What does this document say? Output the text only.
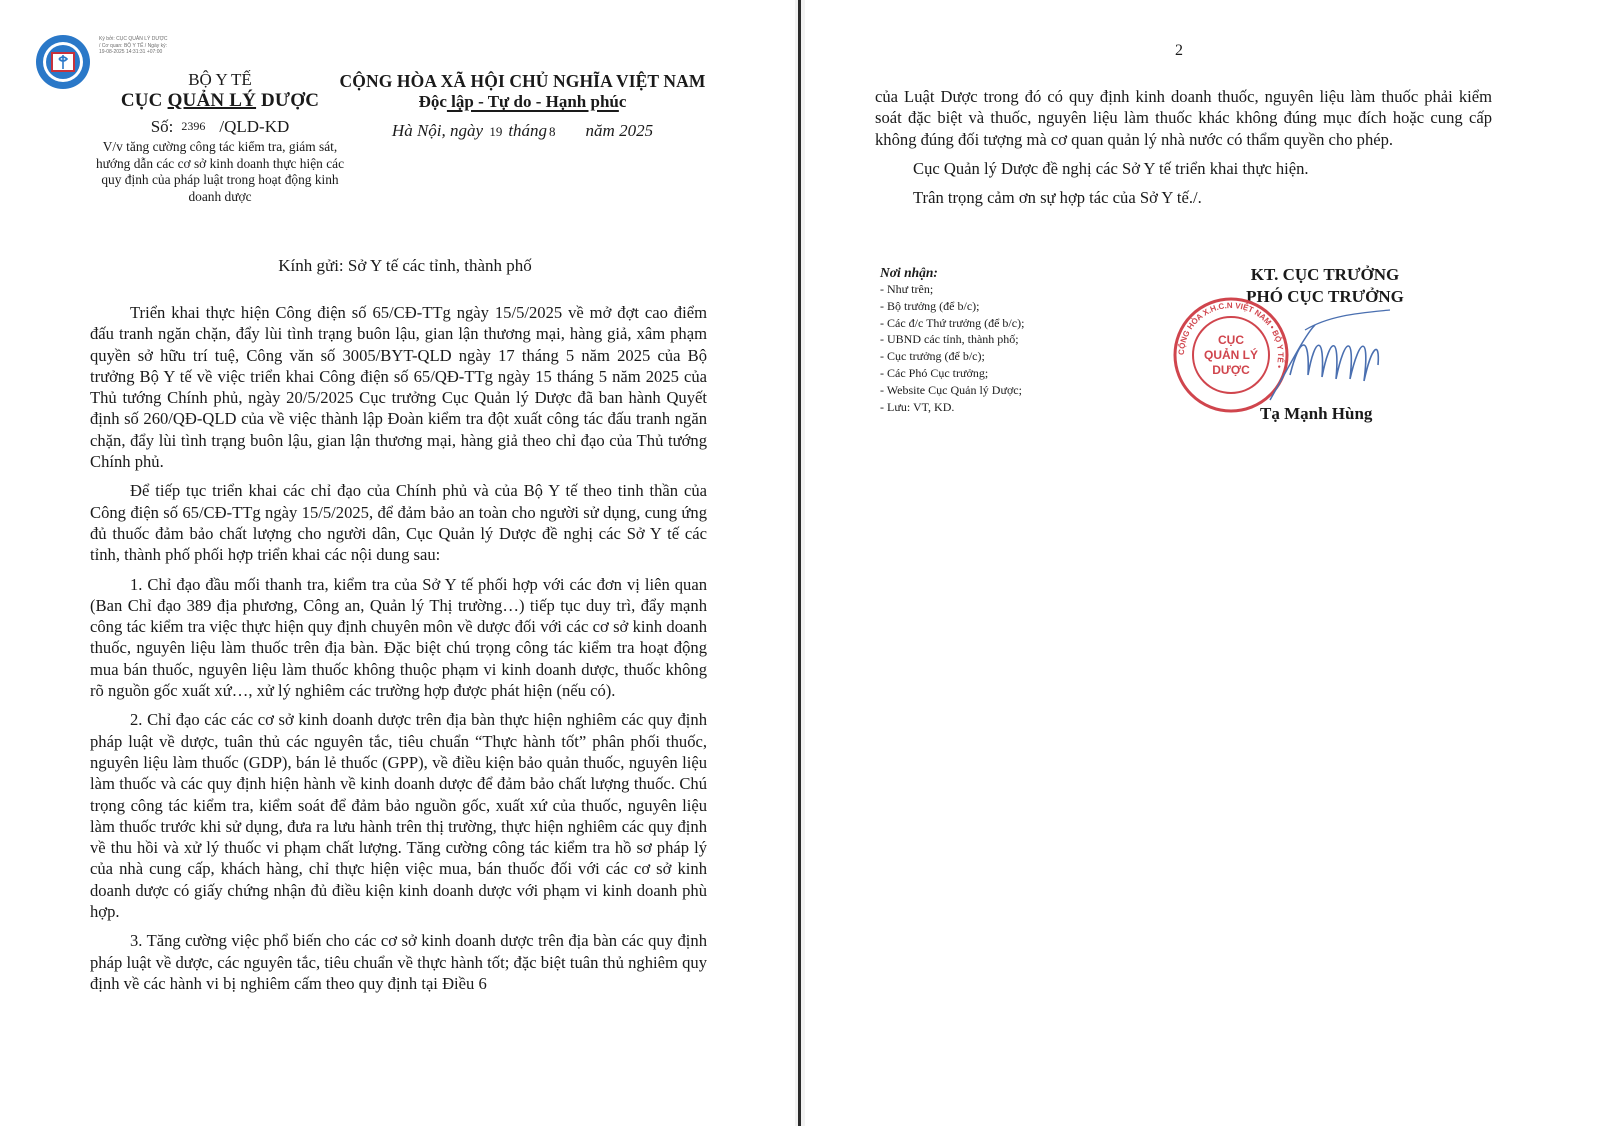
Ký bởi: CỤC QUẢN LÝ DƯỢC / Cơ quan: BỘ Y TẾ / Ngày ký: 19-08-2025 14:31:31 +07:00
BỘ Y TẾ
CỤC QUẢN LÝ DƯỢC
Số: 2396 /QLD-KD
V/v tăng cường công tác kiểm tra, giám sát, hướng dẫn các cơ sở kinh doanh thực hiện các quy định của pháp luật trong hoạt động kinh doanh dược
CỘNG HÒA XÃ HỘI CHỦ NGHĨA VIỆT NAM
Độc lập - Tự do - Hạnh phúc
Hà Nội, ngày 19 tháng 8 năm 2025
Kính gửi: Sở Y tế các tỉnh, thành phố

Triển khai thực hiện Công điện số 65/CĐ-TTg ngày 15/5/2025 về mở đợt cao điểm đấu tranh ngăn chặn, đẩy lùi tình trạng buôn lậu, gian lận thương mại, hàng giả, xâm phạm quyền sở hữu trí tuệ, Công văn số 3005/BYT-QLD ngày 17 tháng 5 năm 2025 của Bộ trưởng Bộ Y tế về việc triển khai Công điện số 65/QĐ-TTg ngày 15 tháng 5 năm 2025 của Thủ tướng Chính phủ, ngày 20/5/2025 Cục trưởng Cục Quản lý Dược đã ban hành Quyết định số 260/QĐ-QLD của về việc thành lập Đoàn kiểm tra đột xuất công tác đấu tranh ngăn chặn, đẩy lùi tình trạng buôn lậu, gian lận thương mại, hàng giả theo chỉ đạo của Thủ tướng Chính phủ.

Để tiếp tục triển khai các chỉ đạo của Chính phủ và của Bộ Y tế theo tinh thần của Công điện số 65/CĐ-TTg ngày 15/5/2025, để đảm bảo an toàn cho người sử dụng, cung ứng đủ thuốc đảm bảo chất lượng cho người dân, Cục Quản lý Dược đề nghị các Sở Y tế các tỉnh, thành phố phối hợp triển khai các nội dung sau:

1. Chỉ đạo đầu mối thanh tra, kiểm tra của Sở Y tế phối hợp với các đơn vị liên quan (Ban Chỉ đạo 389 địa phương, Công an, Quản lý Thị trường…) tiếp tục duy trì, đẩy mạnh công tác kiểm tra việc thực hiện quy định chuyên môn về dược đối với các cơ sở kinh doanh thuốc, nguyên liệu làm thuốc trên địa bàn. Đặc biệt chú trọng công tác kiểm tra hoạt động mua bán thuốc, nguyên liệu làm thuốc không thuộc phạm vi kinh doanh dược, thuốc không rõ nguồn gốc xuất xứ…, xử lý nghiêm các trường hợp được phát hiện (nếu có).

2. Chỉ đạo các các cơ sở kinh doanh dược trên địa bàn thực hiện nghiêm các quy định pháp luật về dược, tuân thủ các nguyên tắc, tiêu chuẩn “Thực hành tốt” phân phối thuốc, nguyên liệu làm thuốc (GDP), bán lẻ thuốc (GPP), về điều kiện bảo quản thuốc, nguyên liệu làm thuốc và các quy định hiện hành về kinh doanh dược để đảm bảo chất lượng thuốc. Chú trọng công tác kiểm tra, kiểm soát để đảm bảo nguồn gốc, xuất xứ của thuốc, nguyên liệu làm thuốc trước khi sử dụng, đưa ra lưu hành trên thị trường, thực hiện nghiêm các quy định về thu hồi và xử lý thuốc vi phạm chất lượng. Tăng cường công tác kiểm tra hồ sơ pháp lý của nhà cung cấp, khách hàng, chỉ thực hiện việc mua, bán thuốc đối với các cơ sở kinh doanh dược có giấy chứng nhận đủ điều kiện kinh doanh dược với phạm vi kinh doanh phù hợp.

3. Tăng cường việc phổ biến cho các cơ sở kinh doanh dược trên địa bàn các quy định pháp luật về dược, các nguyên tắc, tiêu chuẩn về thực hành tốt; đặc biệt tuân thủ nghiêm quy định về các hành vi bị nghiêm cấm theo quy định tại Điều 6

2

của Luật Dược trong đó có quy định kinh doanh thuốc, nguyên liệu làm thuốc phải kiểm soát đặc biệt và thuốc, nguyên liệu làm thuốc khác không đúng mục đích hoặc cung cấp không đúng đối tượng mà cơ quan quản lý nhà nước có thẩm quyền cho phép.

Cục Quản lý Dược đề nghị các Sở Y tế triển khai thực hiện.

Trân trọng cảm ơn sự hợp tác của Sở Y tế./.

Nơi nhận:
- Như trên;
- Bộ trưởng (để b/c);
- Các đ/c Thứ trưởng (để b/c);
- UBND các tỉnh, thành phố;
- Cục trưởng (để b/c);
- Các Phó Cục trưởng;
- Website Cục Quản lý Dược;
- Lưu: VT, KD.
KT. CỤC TRƯỞNG
PHÓ CỤC TRƯỞNG
CỘNG HÒA X.H.C.N VIỆT NAM • BỘ Y TẾ •
CỤC
QUẢN LÝ
DƯỢC
Tạ Mạnh Hùng
